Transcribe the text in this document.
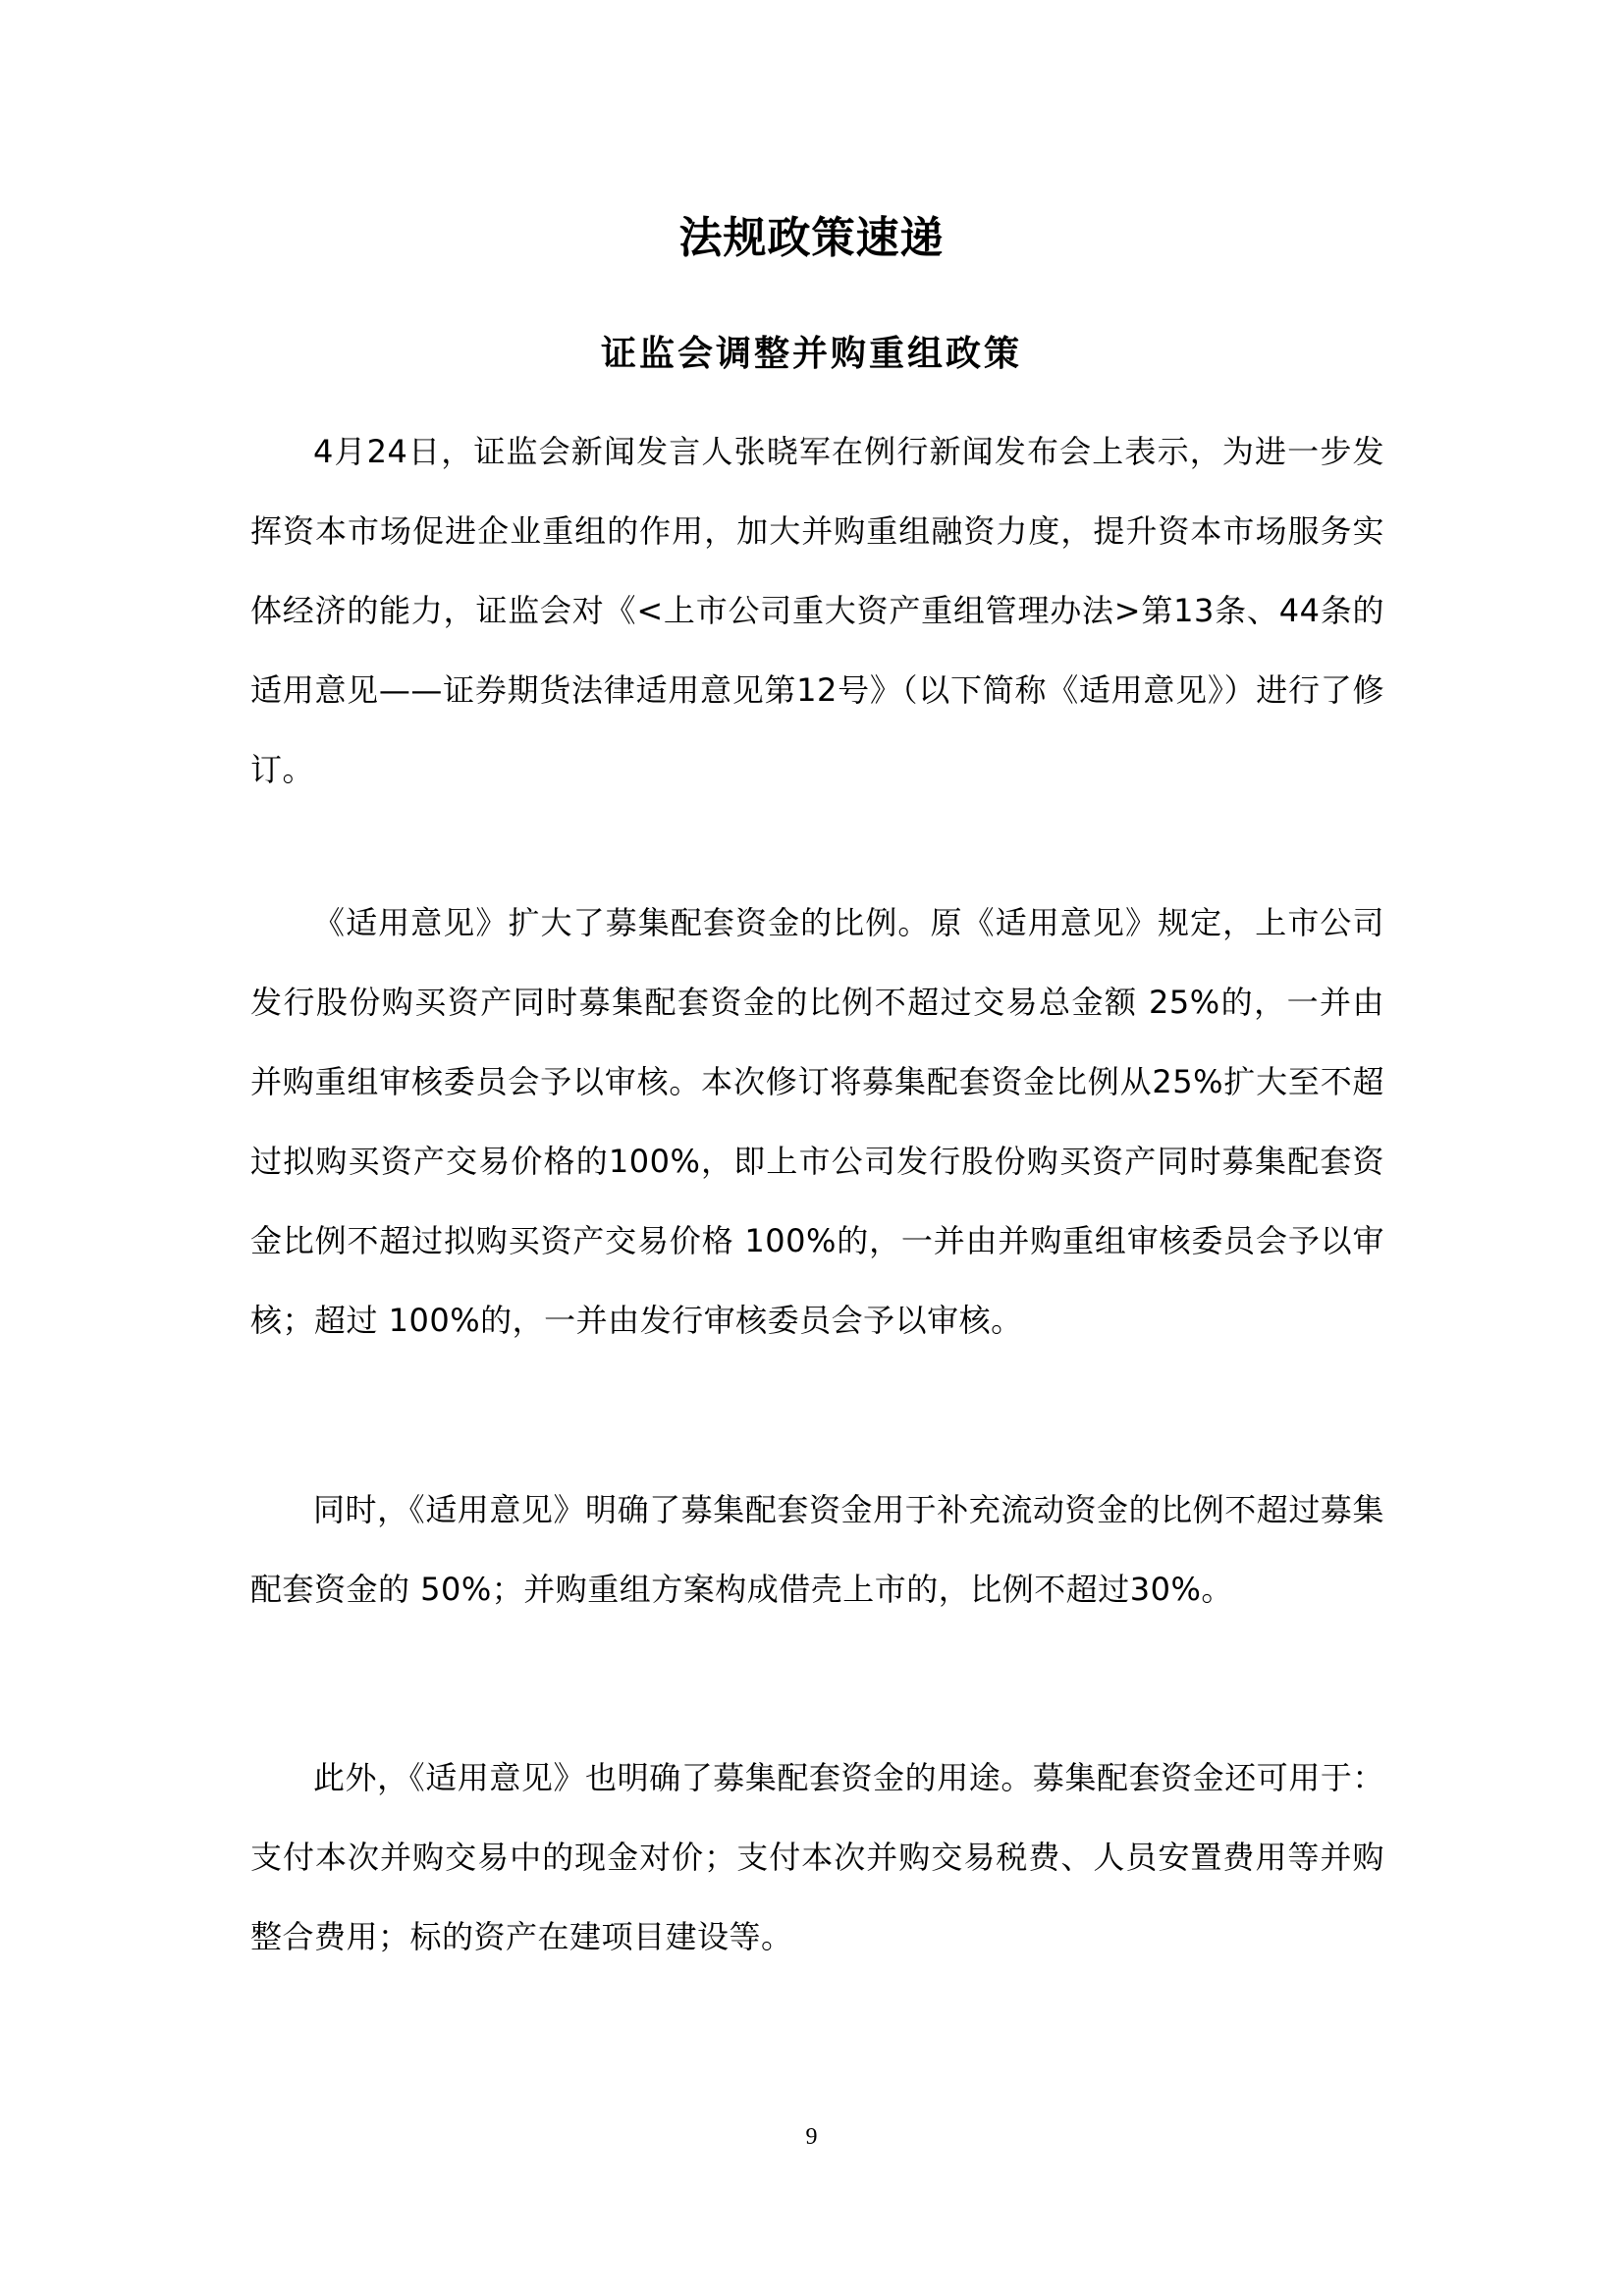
法规政策速递
证监会调整并购重组政策

4月24日，证监会新闻发言人张晓军在例行新闻发布会上表示，为进一步发挥资本市场促进企业重组的作用，加大并购重组融资力度，提升资本市场服务实体经济的能力，证监会对《<上市公司重大资产重组管理办法>第13条、44条的适用意见——证券期货法律适用意见第12号》（以下简称《适用意见》）进行了修订。

《适用意见》扩大了募集配套资金的比例。原《适用意见》规定，上市公司发行股份购买资产同时募集配套资金的比例不超过交易总金额 25%的，一并由并购重组审核委员会予以审核。本次修订将募集配套资金比例从25%扩大至不超过拟购买资产交易价格的100%，即上市公司发行股份购买资产同时募集配套资金比例不超过拟购买资产交易价格 100%的，一并由并购重组审核委员会予以审核；超过 100%的，一并由发行审核委员会予以审核。

同时，《适用意见》明确了募集配套资金用于补充流动资金的比例不超过募集配套资金的 50%；并购重组方案构成借壳上市的，比例不超过30%。

此外，《适用意见》也明确了募集配套资金的用途。募集配套资金还可用于：支付本次并购交易中的现金对价；支付本次并购交易税费、人员安置费用等并购整合费用；标的资产在建项目建设等。

9
